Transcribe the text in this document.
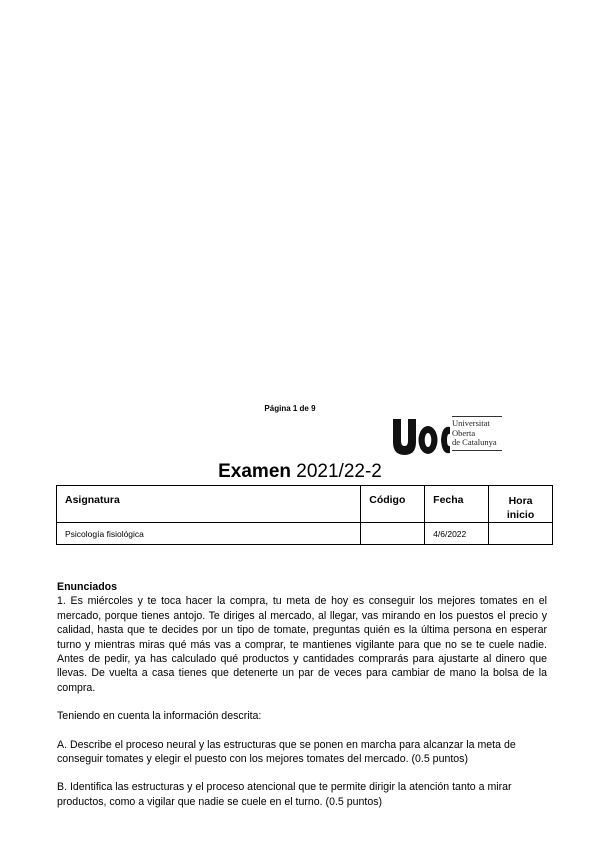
Página 1 de 9
Universitat
Oberta
de Catalunya
Examen 2021/22-2
Asignatura	Código	Fecha	Hora
inicio

Psicología fisiológica		4/6/2022	

Enunciados

1. Es miércoles y te toca hacer la compra, tu meta de hoy es conseguir los mejores tomates en el mercado, porque tienes antojo. Te diriges al mercado, al llegar, vas mirando en los puestos el precio y calidad, hasta que te decides por un tipo de tomate, preguntas quién es la última persona en esperar turno y mientras miras qué más vas a comprar, te mantienes vigilante para que no se te cuele nadie. Antes de pedir, ya has calculado qué productos y cantidades comprarás para ajustarte al dinero que llevas. De vuelta a casa tienes que detenerte un par de veces para cambiar de mano la bolsa de la compra.

Teniendo en cuenta la información descrita:

A. Describe el proceso neural y las estructuras que se ponen en marcha para alcanzar la meta de conseguir tomates y elegir el puesto con los mejores tomates del mercado. (0.5 puntos)

B. Identifica las estructuras y el proceso atencional que te permite dirigir la atención tanto a mirar productos, como a vigilar que nadie se cuele en el turno. (0.5 puntos)
